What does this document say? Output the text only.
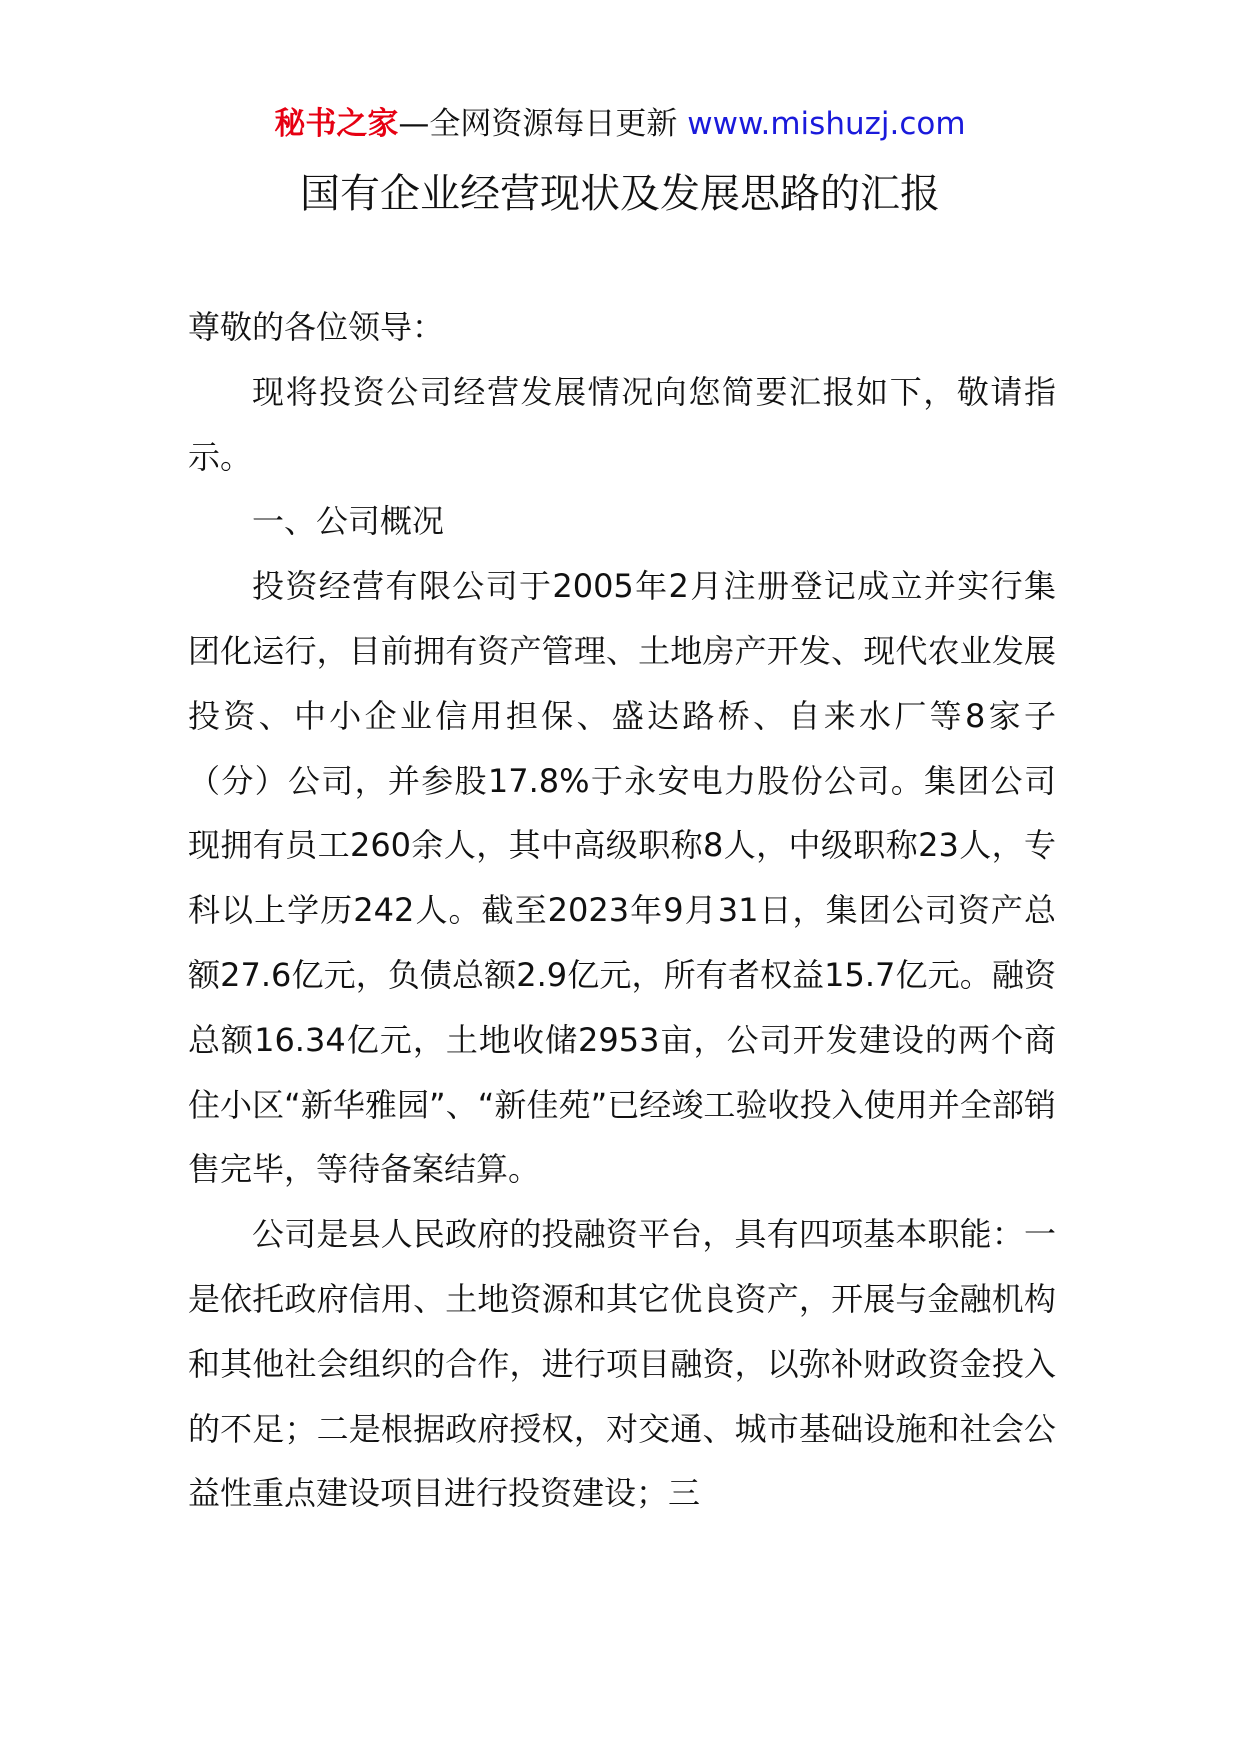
秘书之家—全网资源每日更新 www.mishuzj.com
国有企业经营现状及发展思路的汇报

尊敬的各位领导：

现将投资公司经营发展情况向您简要汇报如下，敬请指示。

一、公司概况

投资经营有限公司于2005年2月注册登记成立并实行集团化运行，目前拥有资产管理、土地房产开发、现代农业发展投资、中小企业信用担保、盛达路桥、自来水厂等8家子（分）公司，并参股17.8%于永安电力股份公司。集团公司现拥有员工260余人，其中高级职称8人，中级职称23人，专科以上学历242人。截至2023年9月31日，集团公司资产总额27.6亿元，负债总额2.9亿元，所有者权益15.7亿元。融资总额16.34亿元，土地收储2953亩，公司开发建设的两个商住小区“新华雅园”、“新佳苑”已经竣工验收投入使用并全部销售完毕，等待备案结算。

公司是县人民政府的投融资平台，具有四项基本职能：一是依托政府信用、土地资源和其它优良资产，开展与金融机构和其他社会组织的合作，进行项目融资，以弥补财政资金投入的不足；二是根据政府授权，对交通、城市基础设施和社会公益性重点建设项目进行投资建设；三
